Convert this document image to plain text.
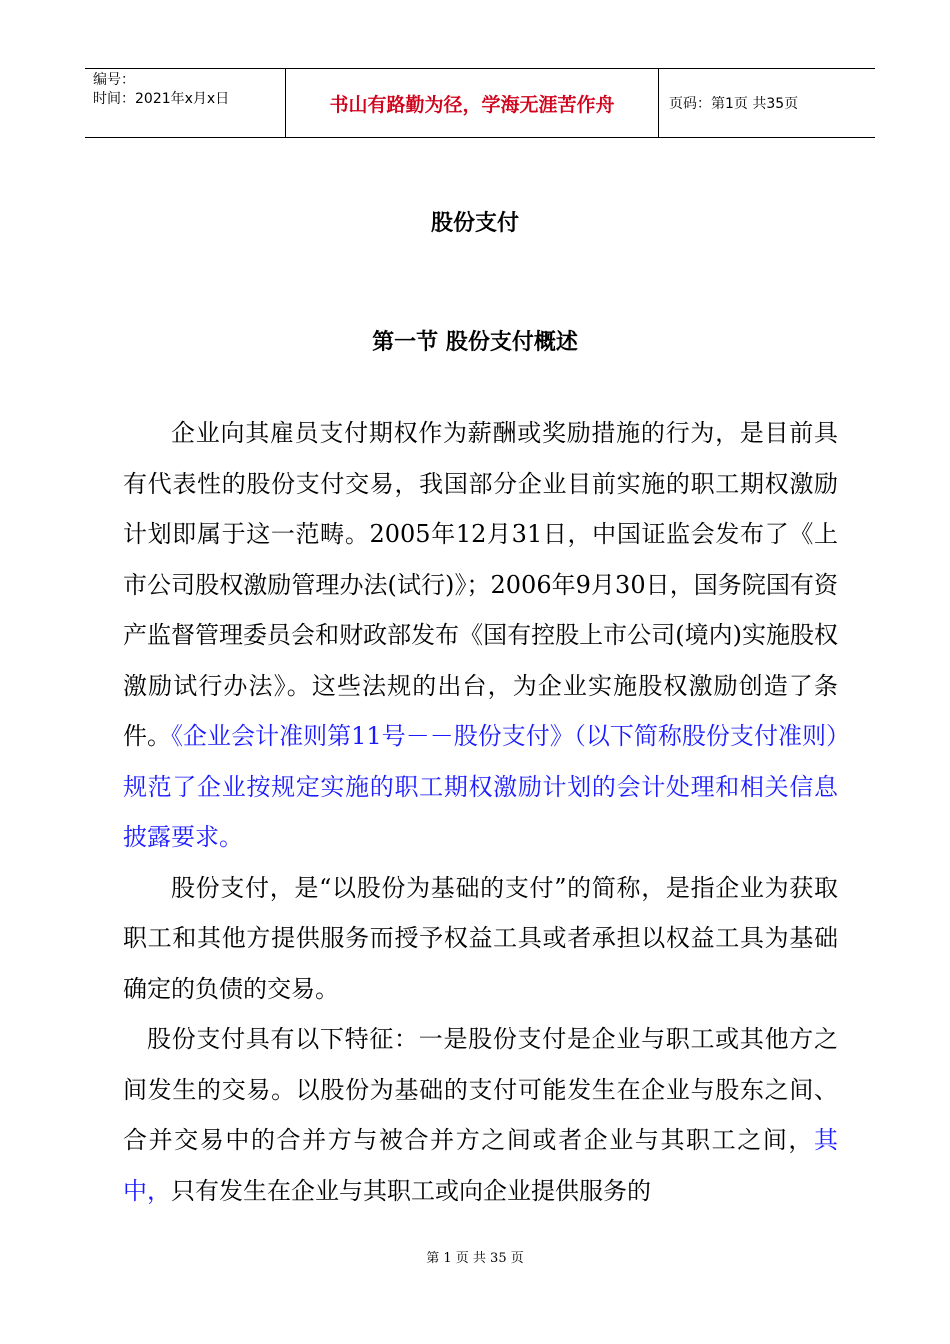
编号：
时间：2021年x月x日	书山有路勤为径，学海无涯苦作舟	页码：第1页 共35页
股份支付
第一节 股份支付概述

企业向其雇员支付期权作为薪酬或奖励措施的行为，是目前具有代表性的股份支付交易，我国部分企业目前实施的职工期权激励计划即属于这一范畴。2005年12月31日，中国证监会发布了《上市公司股权激励管理办法(试行)》；2006年9月30日，国务院国有资产监督管理委员会和财政部发布《国有控股上市公司(境内)实施股权激励试行办法》。这些法规的出台，为企业实施股权激励创造了条件。《企业会计准则第11号－－股份支付》（以下简称股份支付准则）规范了企业按规定实施的职工期权激励计划的会计处理和相关信息披露要求。

股份支付，是“以股份为基础的支付”的简称，是指企业为获取职工和其他方提供服务而授予权益工具或者承担以权益工具为基础确定的负债的交易。

股份支付具有以下特征：一是股份支付是企业与职工或其他方之间发生的交易。以股份为基础的支付可能发生在企业与股东之间、合并交易中的合并方与被合并方之间或者企业与其职工之间，其中，只有发生在企业与其职工或向企业提供服务的

第 1 页 共 35 页
